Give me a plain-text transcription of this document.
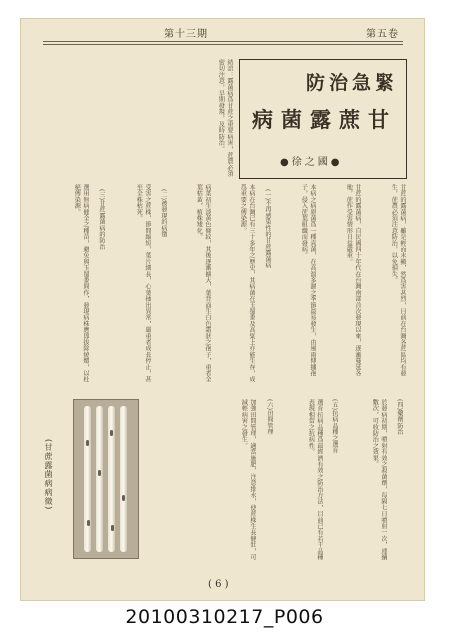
第十三期	第五卷
防治急緊
病菌露蔗甘
●徐之國●
甘蔗的露菌病，雖是輕而未顯，然爲害甚烈，目前在台灣各蔗區均有發生，蔗農必須注意防治，以免損失。
甘蔗的露菌病，自民國四十年代在台灣南部首次發現以來，逐漸蔓延各地，蔗作受害情形日益嚴重。
本病之病原菌爲一種真菌，在高溫多濕之季節最易發生，由風雨傳播孢子，侵入蔗葉組織而發病。
(一)不再感染性的甘蔗露菌病
本病在台灣已有三十多年之歷史，其病菌在玉蜀黍及高粱上亦能生存，成爲重要之傳染源。
病葉初生淡黃色條紋，其後逐漸擴大，葉背面生白色霜狀之孢子，重者全葉枯黃，植株矮化。
(二)被發現的病徵
受害之蔗株，節間縮短，葉片細長，心葉抽出異常，嚴重者成長停止，甚至全株枯死。
(三)甘蔗露菌病的防治
選用無病健全之種苗，避免與玉蜀黍間作，發現病株應即拔除燒燬，以杜絕傳染源。
結語：露菌病爲甘蔗之重要病害，蔗農必須密切注意，早期發現，及時防治。
(四)藥劑防治
於發病初期，噴射有效之殺菌劑，每隔七日噴射一次，連續數次，可收防治之效果。
(五)抗病品種之選育
選育抗病品種爲最經濟有效之防治方法，目前已有若干品種表現相當之抗病性。
(六)田間管理
加強田間管理，適當施肥，注意排水，使蔗株生長健壯，可減輕病害之發生。
(甘蔗露菌病病徵)
( 6 )
20100310217_P006
